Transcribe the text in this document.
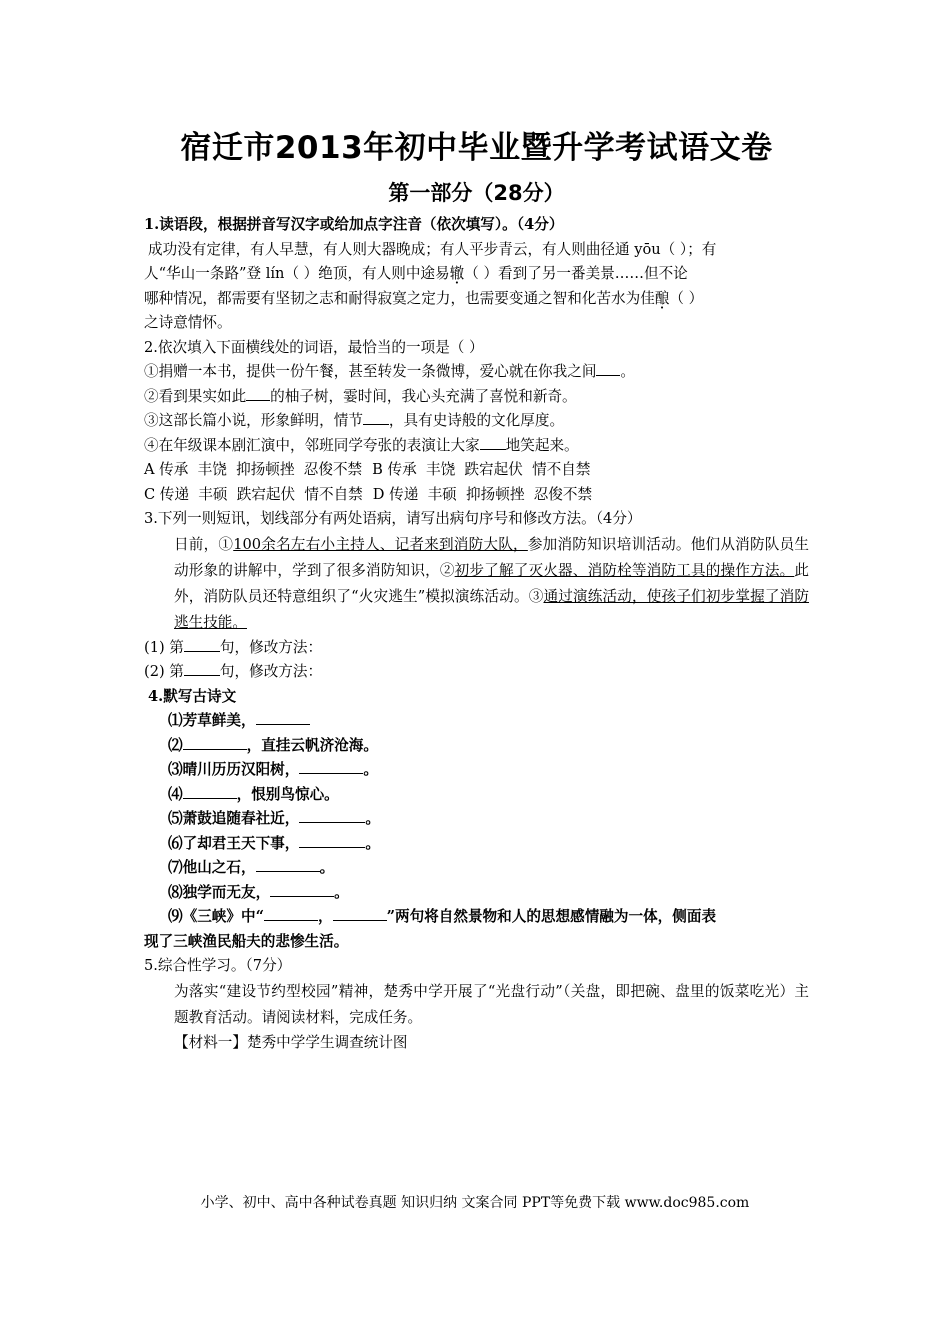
宿迁市2013年初中毕业暨升学考试语文卷
第一部分（28分）
1.读语段，根据拼音写汉字或给加点字注音（依次填写）。（4分）
成功没有定律，有人早慧，有人则大器晚成；有人平步青云，有人则曲径通 yōu（ ）；有
人“华山一条路”登 lín（ ）绝顶，有人则中途易辙（ ）看到了另一番美景……但不论
哪种情况，都需要有坚韧之志和耐得寂寞之定力，也需要变通之智和化苦水为佳酿（ ）
之诗意情怀。
2.依次填入下面横线处的词语，最恰当的一项是（ ）
①捐赠一本书，提供一份午餐，甚至转发一条微博，爱心就在你我之间 。
②看到果实如此 的柚子树，霎时间，我心头充满了喜悦和新奇。
③这部长篇小说，形象鲜明，情节 ，具有史诗般的文化厚度。
④在年级课本剧汇演中，邻班同学夸张的表演让大家 地笑起来。
A 传承  丰饶  抑扬顿挫  忍俊不禁 B 传承  丰饶  跌宕起伏  情不自禁
C 传递  丰硕  跌宕起伏  情不自禁 D 传递  丰硕  抑扬顿挫  忍俊不禁
3.下列一则短讯，划线部分有两处语病，请写出病句序号和修改方法。（4分）
日前，①100余名左右小主持人、记者来到消防大队，参加消防知识培训活动。他们从消防队员生动形象的讲解中，学到了很多消防知识，②初步了解了灭火器、消防栓等消防工具的操作方法。此外，消防队员还特意组织了“火灾逃生”模拟演练活动。③通过演练活动，使孩子们初步掌握了消防逃生技能。
(1) 第 句，修改方法：
(2) 第 句，修改方法：
4.默写古诗文
⑴芳草鲜美，
⑵	，直挂云帆济沧海。
⑶晴川历历汉阳树，	。
⑷	，恨别鸟惊心。
⑸萧鼓追随春社近，	。
⑹了却君王天下事，	。
⑺他山之石，	。
⑻独学而无友，	。
⑼《三峡》中“	，	”两句将自然景物和人的思想感情融为一体，侧面表
现了三峡渔民船夫的悲惨生活。
5.综合性学习。（7分）
为落实“建设节约型校园”精神，楚秀中学开展了“光盘行动”（关盘，即把碗、盘里的饭菜吃光）主题教育活动。请阅读材料，完成任务。
【材料一】楚秀中学学生调查统计图
小学、初中、高中各种试卷真题 知识归纳 文案合同 PPT等免费下载 www.doc985.com
